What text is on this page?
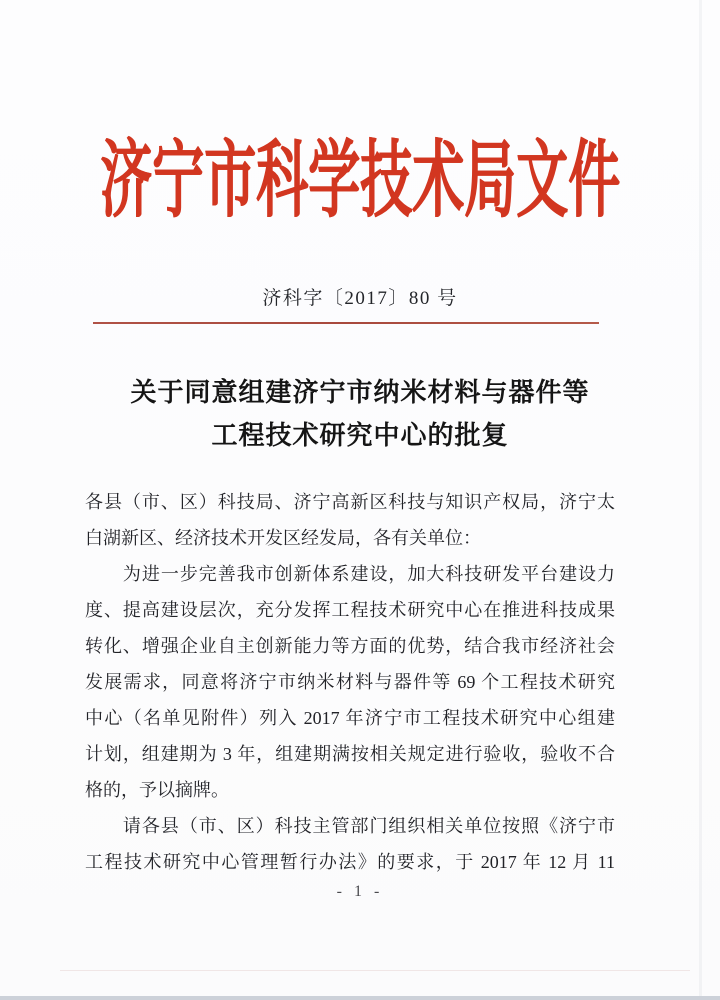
济宁市科学技术局文件
济科字〔2017〕80 号
关于同意组建济宁市纳米材料与器件等
工程技术研究中心的批复
各县（市、区）科技局、济宁高新区科技与知识产权局，济宁太
白湖新区、经济技术开发区经发局，各有关单位：
　　为进一步完善我市创新体系建设，加大科技研发平台建设力
度、提高建设层次，充分发挥工程技术研究中心在推进科技成果
转化、增强企业自主创新能力等方面的优势，结合我市经济社会
发展需求，同意将济宁市纳米材料与器件等 69 个工程技术研究
中心（名单见附件）列入 2017 年济宁市工程技术研究中心组建
计划，组建期为 3 年，组建期满按相关规定进行验收，验收不合
格的，予以摘牌。
　　请各县（市、区）科技主管部门组织相关单位按照《济宁市
工程技术研究中心管理暂行办法》的要求，于 2017 年 12 月 11
- 1 -
